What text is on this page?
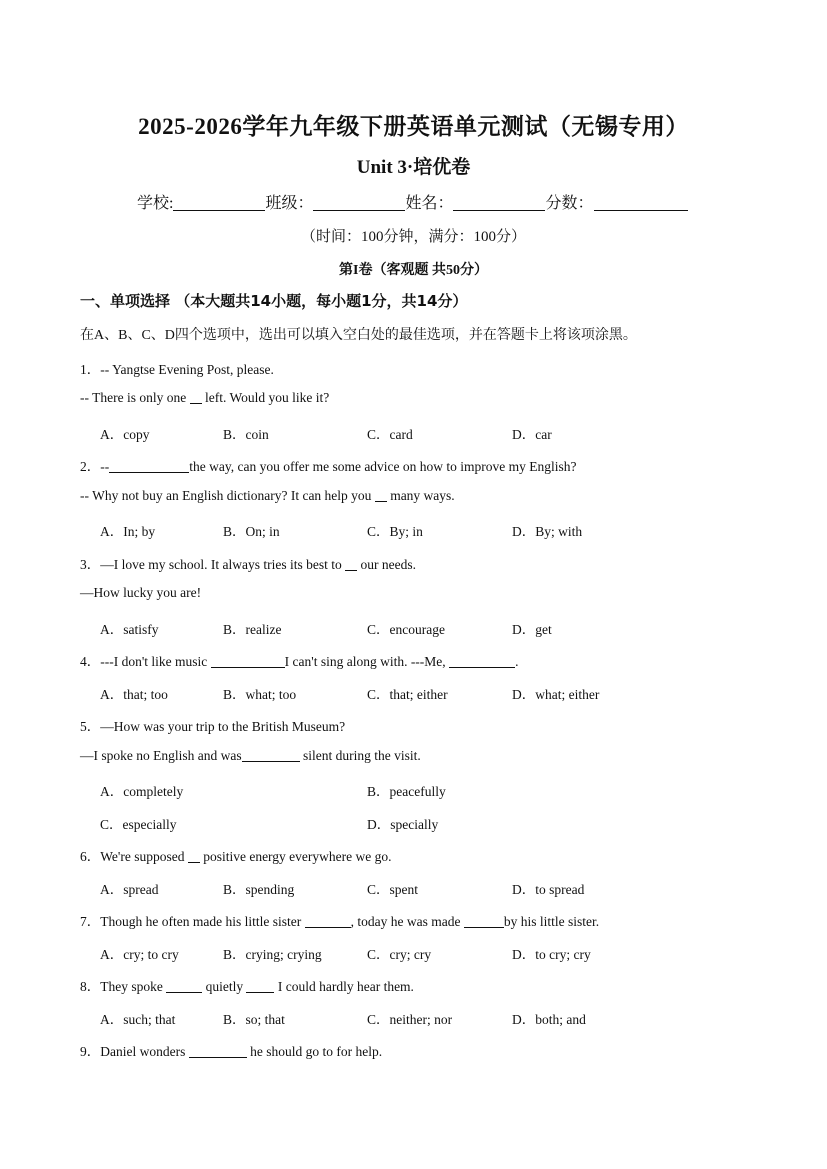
2025-2026学年九年级下册英语单元测试（无锡专用）
Unit 3·培优卷
学校:	班级：	姓名：	分数：
（时间：100分钟，满分：100分）
第I卷（客观题 共50分）
一、单项选择 （本大题共14小题，每小题1分，共14分）
在A、B、C、D四个选项中，选出可以填入空白处的最佳选项，并在答题卡上将该项涂黑。
1．-- Yangtse Evening Post, please.
-- There is only one  left. Would you like it?
A．copy	B．coin	C．card	D．car
2．--	the way, can you offer me some advice on how to improve my English?
-- Why not buy an English dictionary? It can help you  many ways.
A．In; by	B．On; in	C．By; in	D．By; with
3．—I love my school. It always tries its best to  our needs.
—How lucky you are!
A．satisfy	B．realize	C．encourage	D．get
4．---I don't like music	I can't sing along with. ---Me,	.
A．that; too	B．what; too	C．that; either	D．what; either
5．—How was your trip to the British Museum?
—I spoke no English and was	silent during the visit.
A．completely	B．peacefully
C．especially	D．specially
6．We're supposed  positive energy everywhere we go.
A．spread	B．spending	C．spent	D．to spread
7．Though he often made his little sister	, today he was made	by his little sister.
A．cry; to cry	B．crying; crying	C．cry; cry	D．to cry; cry
8．They spoke	quietly  I could hardly hear them.
A．such; that	B．so; that	C．neither; nor	D．both; and
9．Daniel wonders	he should go to for help.
